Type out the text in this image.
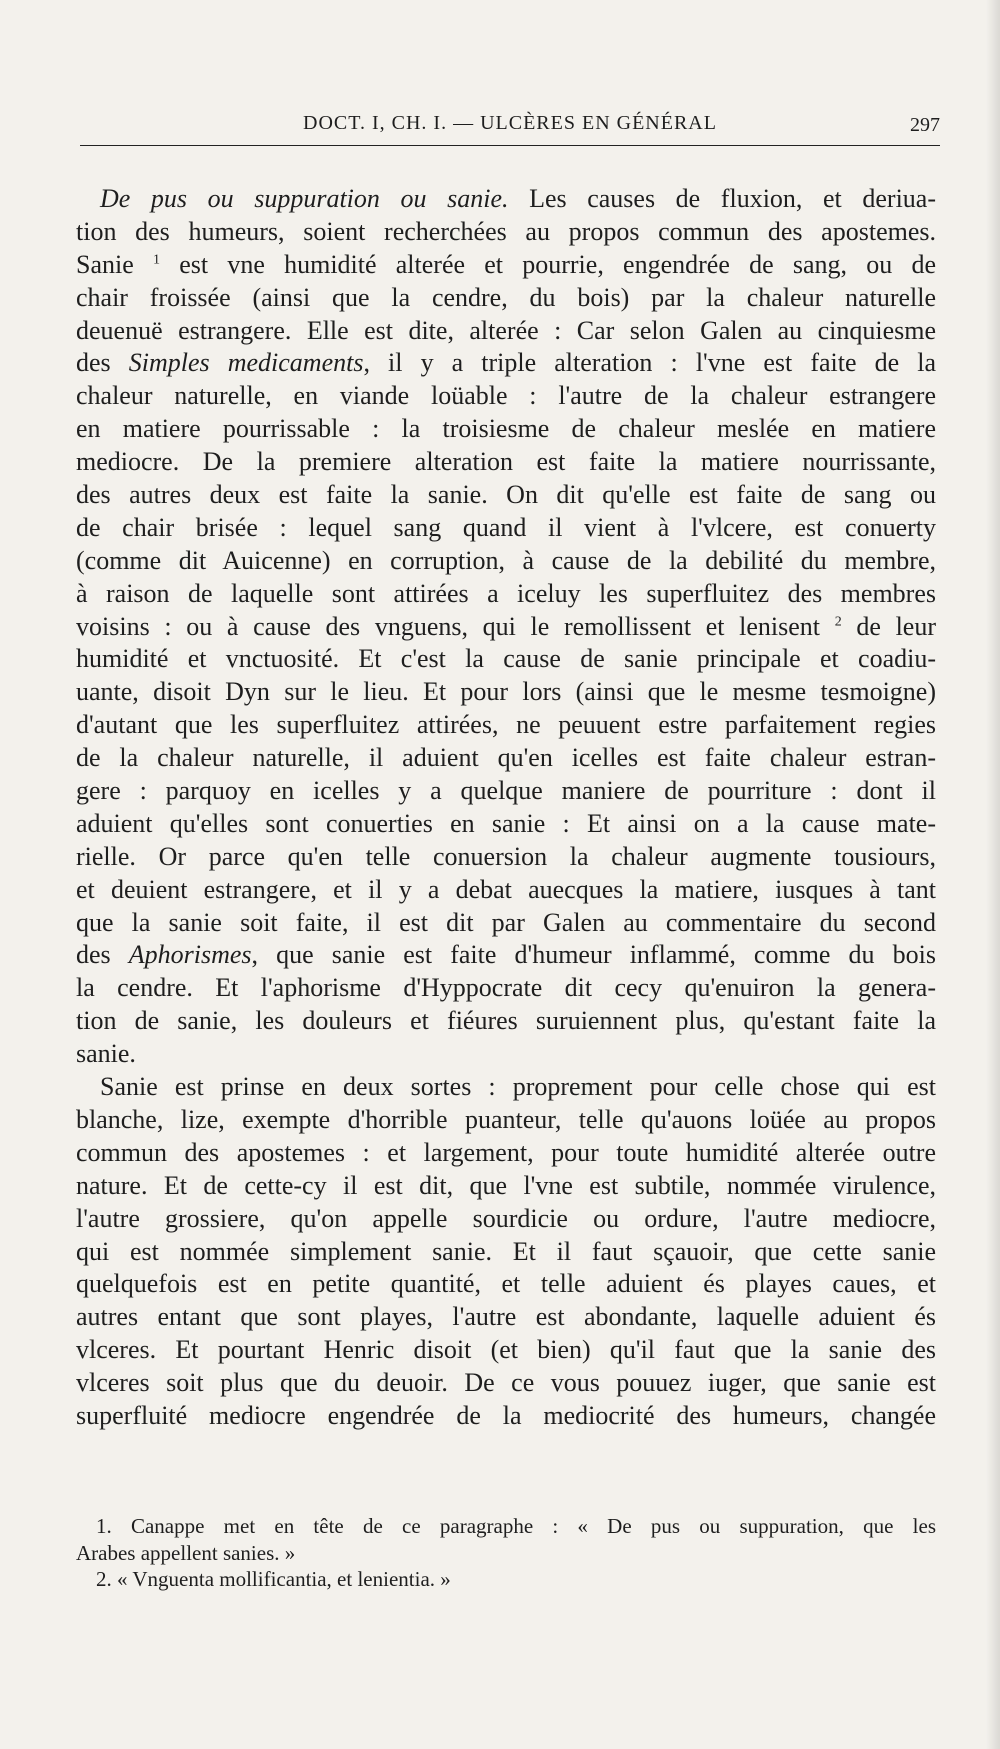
DOCT. I, CH. I. — ULCÈRES EN GÉNÉRAL	297
De pus ou suppuration ou sanie. Les causes de fluxion, et deriua-
tion des humeurs, soient recherchées au propos commun des apostemes.
Sanie $^1$ est vne humidité alterée et pourrie, engendrée de sang, ou de
chair froissée (ainsi que la cendre, du bois) par la chaleur naturelle
deuenuë estrangere. Elle est dite, alterée : Car selon Galen au cinquiesme
des Simples medicaments, il y a triple alteration : l'vne est faite de la
chaleur naturelle, en viande loüable : l'autre de la chaleur estrangere
en matiere pourrissable : la troisiesme de chaleur meslée en matiere
mediocre. De la premiere alteration est faite la matiere nourrissante,
des autres deux est faite la sanie. On dit qu'elle est faite de sang ou
de chair brisée : lequel sang quand il vient à l'vlcere, est conuerty
(comme dit Auicenne) en corruption, à cause de la debilité du membre,
à raison de laquelle sont attirées a iceluy les superfluitez des membres
voisins : ou à cause des vnguens, qui le remollissent et lenisent $^2$ de leur
humidité et vnctuosité. Et c'est la cause de sanie principale et coadiu-
uante, disoit Dyn sur le lieu. Et pour lors (ainsi que le mesme tesmoigne)
d'autant que les superfluitez attirées, ne peuuent estre parfaitement regies
de la chaleur naturelle, il aduient qu'en icelles est faite chaleur estran-
gere : parquoy en icelles y a quelque maniere de pourriture : dont il
aduient qu'elles sont conuerties en sanie : Et ainsi on a la cause mate-
rielle. Or parce qu'en telle conuersion la chaleur augmente tousiours,
et deuient estrangere, et il y a debat auecques la matiere, iusques à tant
que la sanie soit faite, il est dit par Galen au commentaire du second
des Aphorismes, que sanie est faite d'humeur inflammé, comme du bois
la cendre. Et l'aphorisme d'Hyppocrate dit cecy qu'enuiron la genera-
tion de sanie, les douleurs et fiéures suruiennent plus, qu'estant faite la
sanie.
Sanie est prinse en deux sortes : proprement pour celle chose qui est
blanche, lize, exempte d'horrible puanteur, telle qu'auons loüée au propos
commun des apostemes : et largement, pour toute humidité alterée outre
nature. Et de cette-cy il est dit, que l'vne est subtile, nommée virulence,
l'autre grossiere, qu'on appelle sourdicie ou ordure, l'autre mediocre,
qui est nommée simplement sanie. Et il faut sçauoir, que cette sanie
quelquefois est en petite quantité, et telle aduient és playes caues, et
autres entant que sont playes, l'autre est abondante, laquelle aduient és
vlceres. Et pourtant Henric disoit (et bien) qu'il faut que la sanie des
vlceres soit plus que du deuoir. De ce vous pouuez iuger, que sanie est
superfluité mediocre engendrée de la mediocrité des humeurs, changée
1. Canappe met en tête de ce paragraphe : « De pus ou suppuration, que les
Arabes appellent sanies. »
2. « Vnguenta mollificantia, et lenientia. »
